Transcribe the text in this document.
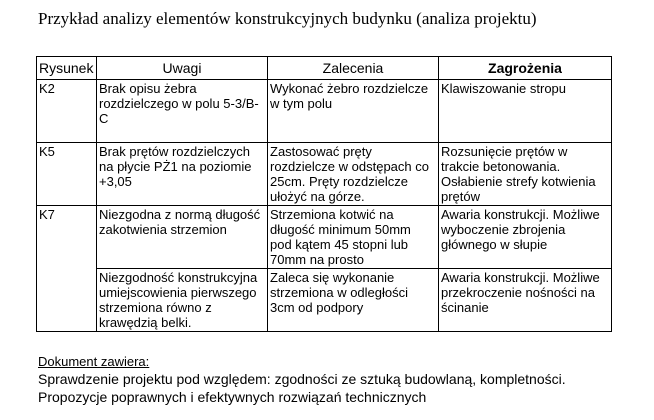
Przykład analizy elementów konstrukcyjnych budynku (analiza projektu)
Rysunek	Uwagi	Zalecenia	Zagrożenia
K2	Brak opisu żebra rozdzielczego w polu 5-3/B-C	Wykonać żebro rozdzielcze w tym polu	Klawiszowanie stropu
K5	Brak prętów rozdzielczych na płycie PŻ1 na poziomie +3,05	Zastosować pręty rozdzielcze w odstępach co 25cm. Pręty rozdzielcze ułożyć na górze.	Rozsunięcie prętów w trakcie betonowania. Osłabienie strefy kotwienia prętów
K7	Niezgodna z normą długość zakotwienia strzemion	Strzemiona kotwić na długość minimum 50mm pod kątem 45 stopni lub 70mm na prosto	Awaria konstrukcji. Możliwe wyboczenie zbrojenia głównego w słupie
	Niezgodność konstrukcyjna umiejscowienia pierwszego strzemiona równo z krawędzią belki.	Zaleca się wykonanie strzemiona w odległości 3cm od podpory	Awaria konstrukcji. Możliwe przekroczenie nośności na ścinanie
Dokument zawiera:
Sprawdzenie projektu pod względem: zgodności ze sztuką budowlaną, kompletności.
Propozycje poprawnych i efektywnych rozwiązań technicznych
